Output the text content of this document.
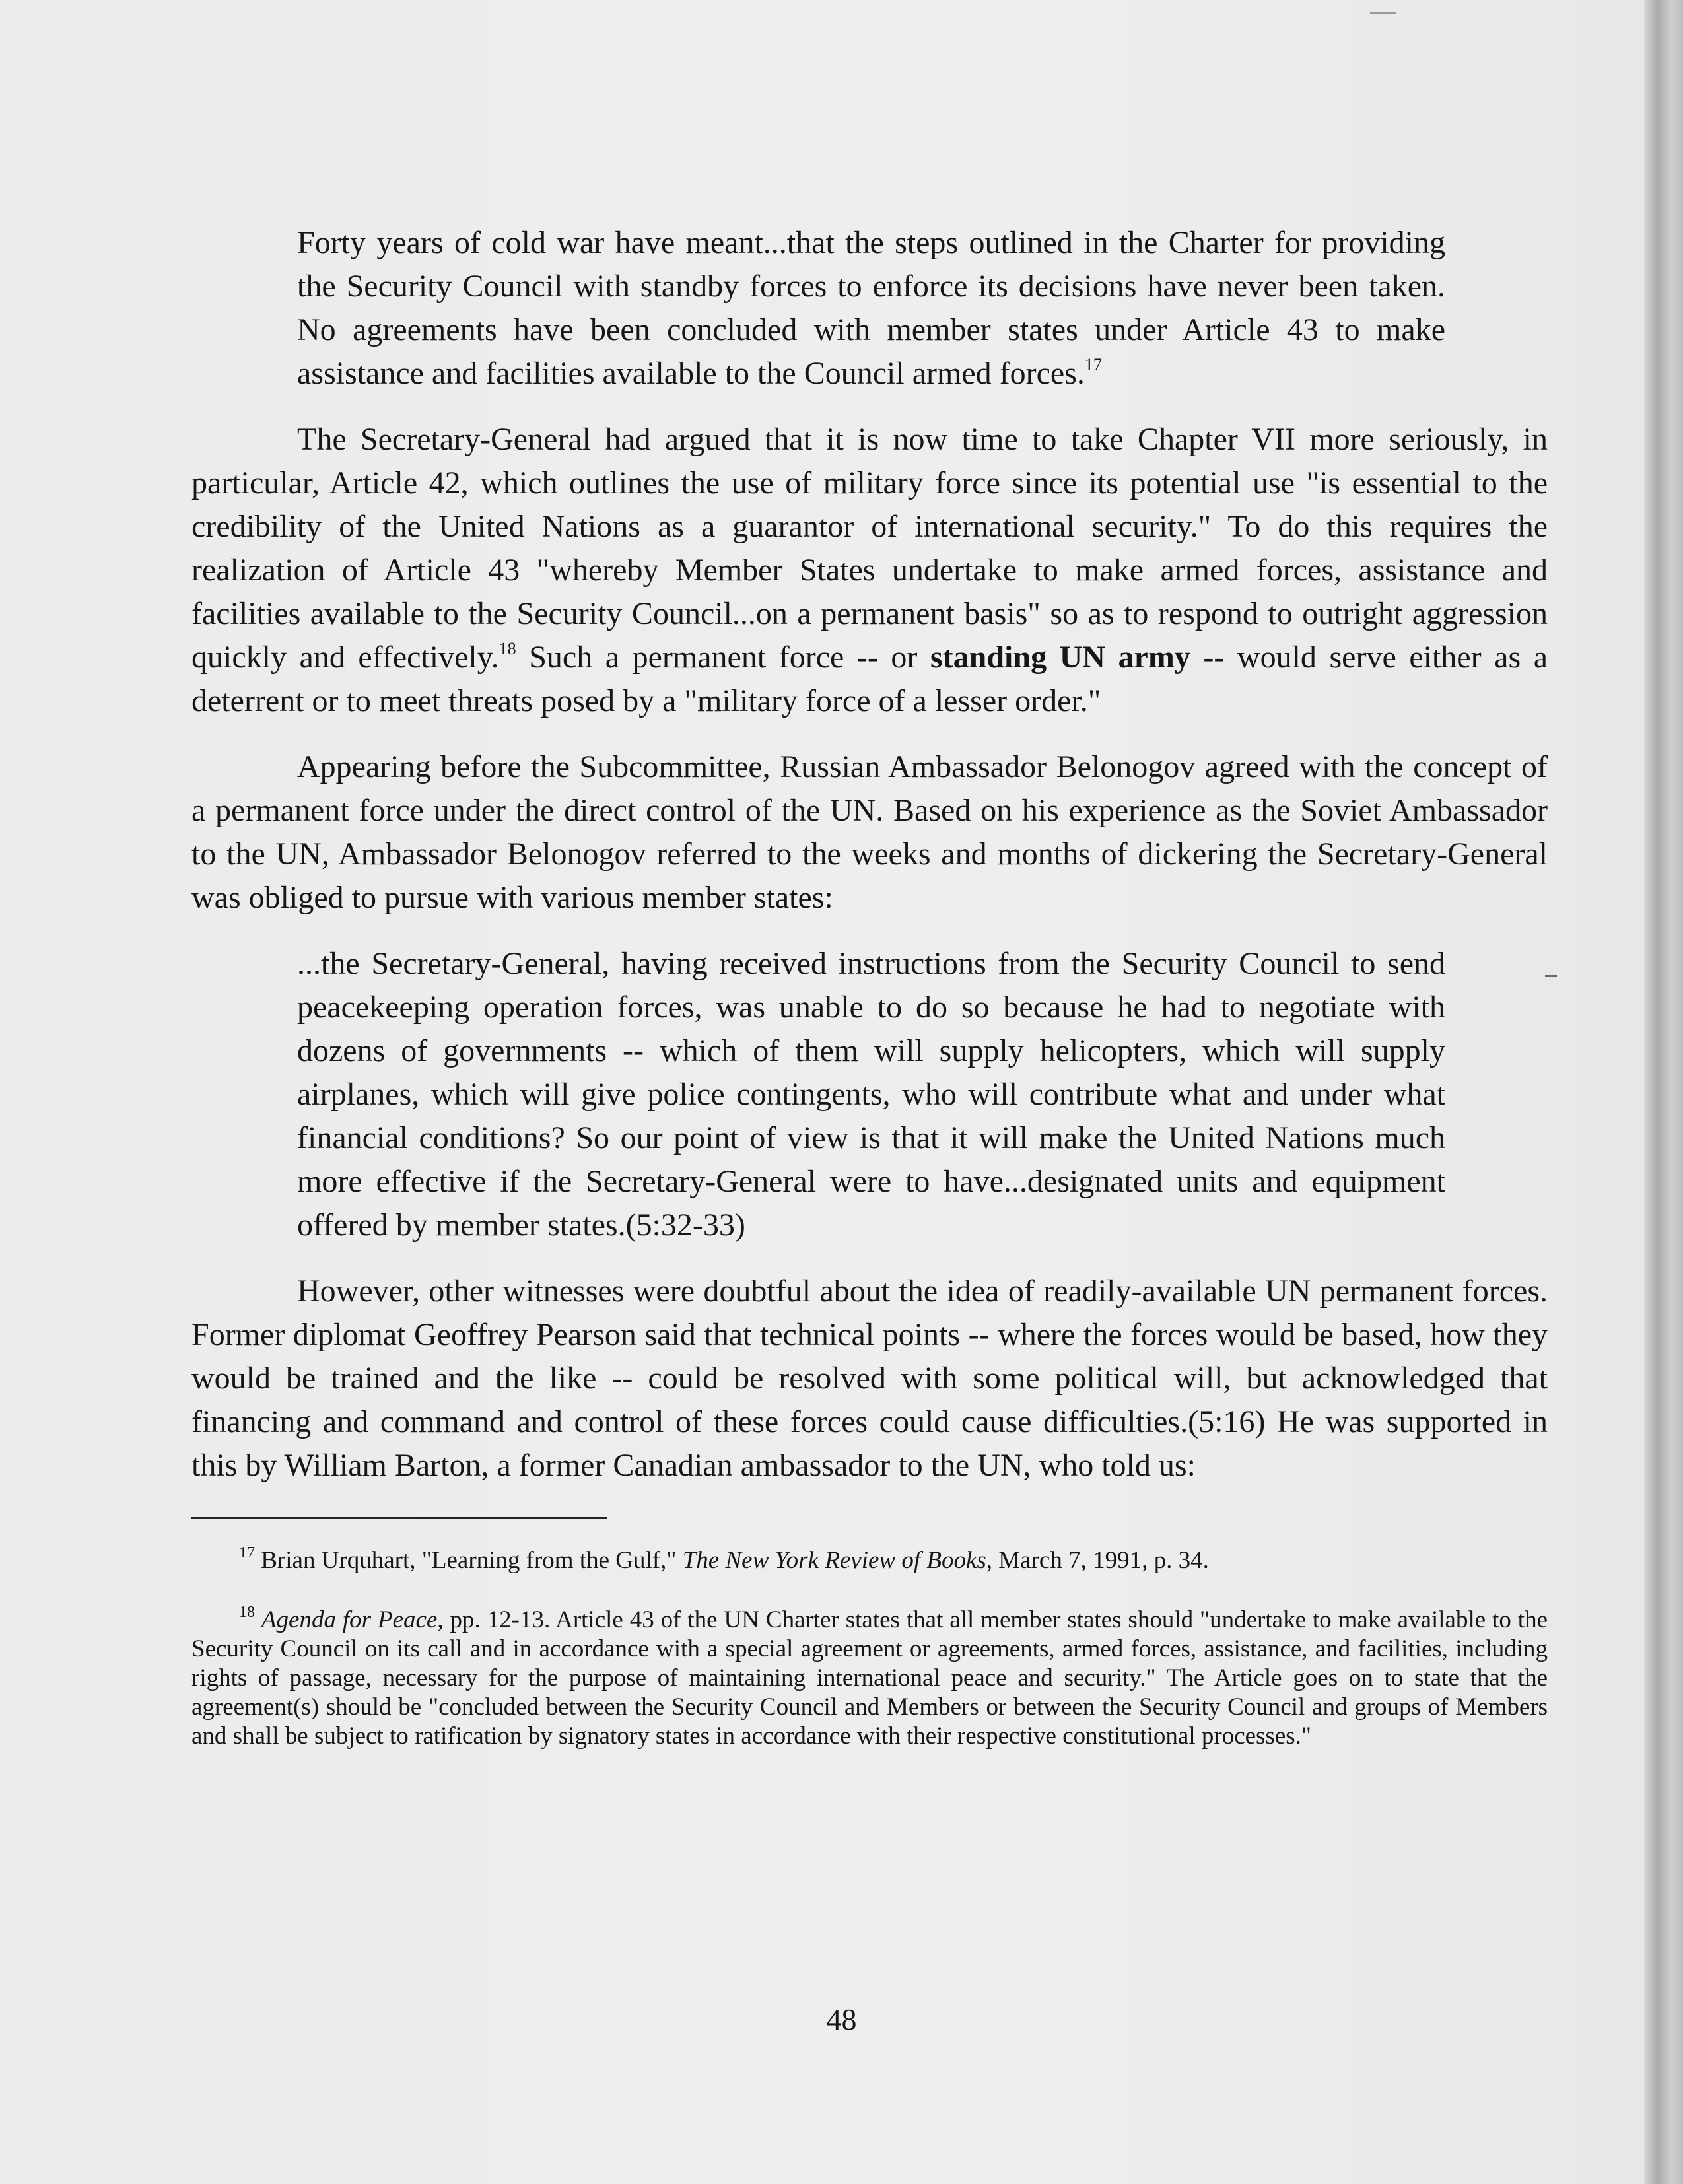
Forty years of cold war have meant...that the steps outlined in the Charter for providing the Security Council with standby forces to enforce its decisions have never been taken. No agreements have been concluded with member states under Article 43 to make assistance and facilities available to the Council armed forces.$^{17}$

The Secretary-General had argued that it is now time to take Chapter VII more seriously, in particular, Article 42, which outlines the use of military force since its potential use "is essential to the credibility of the United Nations as a guarantor of international security." To do this requires the realization of Article 43 "whereby Member States undertake to make armed forces, assistance and facilities available to the Security Council...on a permanent basis" so as to respond to outright aggression quickly and effectively.$^{18}$ Such a permanent force -- or standing UN army -- would serve either as a deterrent or to meet threats posed by a "military force of a lesser order."

Appearing before the Subcommittee, Russian Ambassador Belonogov agreed with the concept of a permanent force under the direct control of the UN. Based on his experience as the Soviet Ambassador to the UN, Ambassador Belonogov referred to the weeks and months of dickering the Secretary-General was obliged to pursue with various member states:

...the Secretary-General, having received instructions from the Security Council to send peacekeeping operation forces, was unable to do so because he had to negotiate with dozens of governments -- which of them will supply helicopters, which will supply airplanes, which will give police contingents, who will contribute what and under what financial conditions? So our point of view is that it will make the United Nations much more effective if the Secretary-General were to have...designated units and equipment offered by member states.(5:32-33)

However, other witnesses were doubtful about the idea of readily-available UN permanent forces. Former diplomat Geoffrey Pearson said that technical points -- where the forces would be based, how they would be trained and the like -- could be resolved with some political will, but acknowledged that financing and command and control of these forces could cause difficulties.(5:16) He was supported in this by William Barton, a former Canadian ambassador to the UN, who told us:

$^{17}$ Brian Urquhart, "Learning from the Gulf," The New York Review of Books, March 7, 1991, p. 34.

$^{18}$ Agenda for Peace, pp. 12-13. Article 43 of the UN Charter states that all member states should "undertake to make available to the Security Council on its call and in accordance with a special agreement or agreements, armed forces, assistance, and facilities, including rights of passage, necessary for the purpose of maintaining international peace and security." The Article goes on to state that the agreement(s) should be "concluded between the Security Council and Members or between the Security Council and groups of Members and shall be subject to ratification by signatory states in accordance with their respective constitutional processes."

48
